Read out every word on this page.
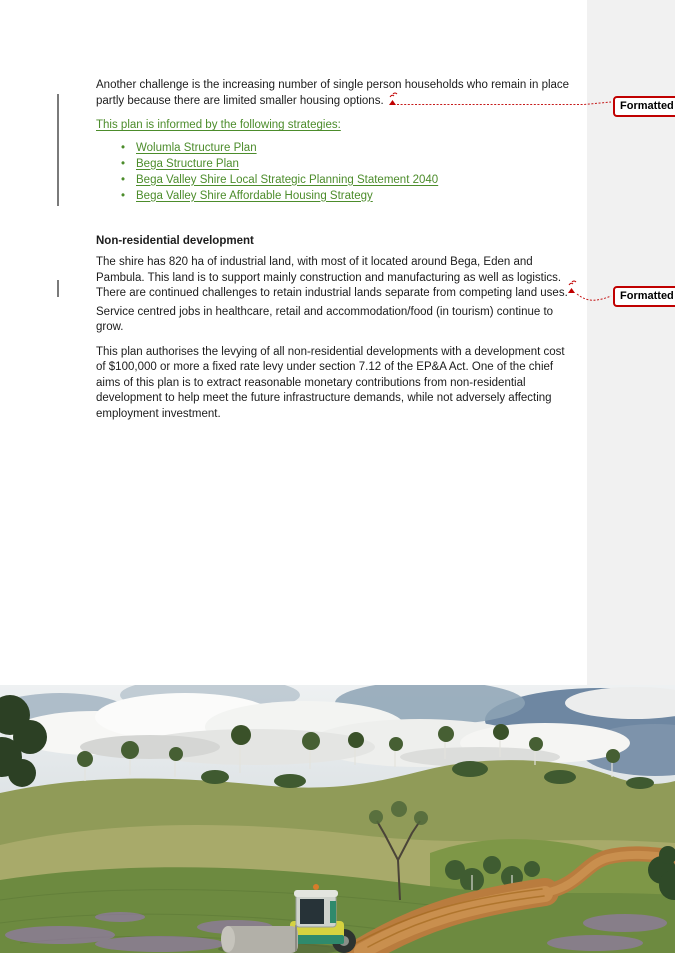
Another challenge is the increasing number of single person households who remain in place
partly because there are limited smaller housing options.
This plan is informed by the following strategies:
• Wolumla Structure Plan
• Bega Structure Plan
• Bega Valley Shire Local Strategic Planning Statement 2040
• Bega Valley Shire Affordable Housing Strategy
Non-residential development
The shire has 820 ha of industrial land, with most of it located around Bega, Eden and
Pambula. This land is to support mainly construction and manufacturing as well as logistics.
There are continued challenges to retain industrial lands separate from competing land uses.
Service centred jobs in healthcare, retail and accommodation/food (in tourism) continue to
grow.
This plan authorises the levying of all non-residential developments with a development cost
of $100,000 or more a fixed rate levy under section 7.12 of the EP&A Act. One of the chief
aims of this plan is to extract reasonable monetary contributions from non-residential
development to help meet the future infrastructure demands, while not adversely affecting
employment investment.
Formatted
Formatted
